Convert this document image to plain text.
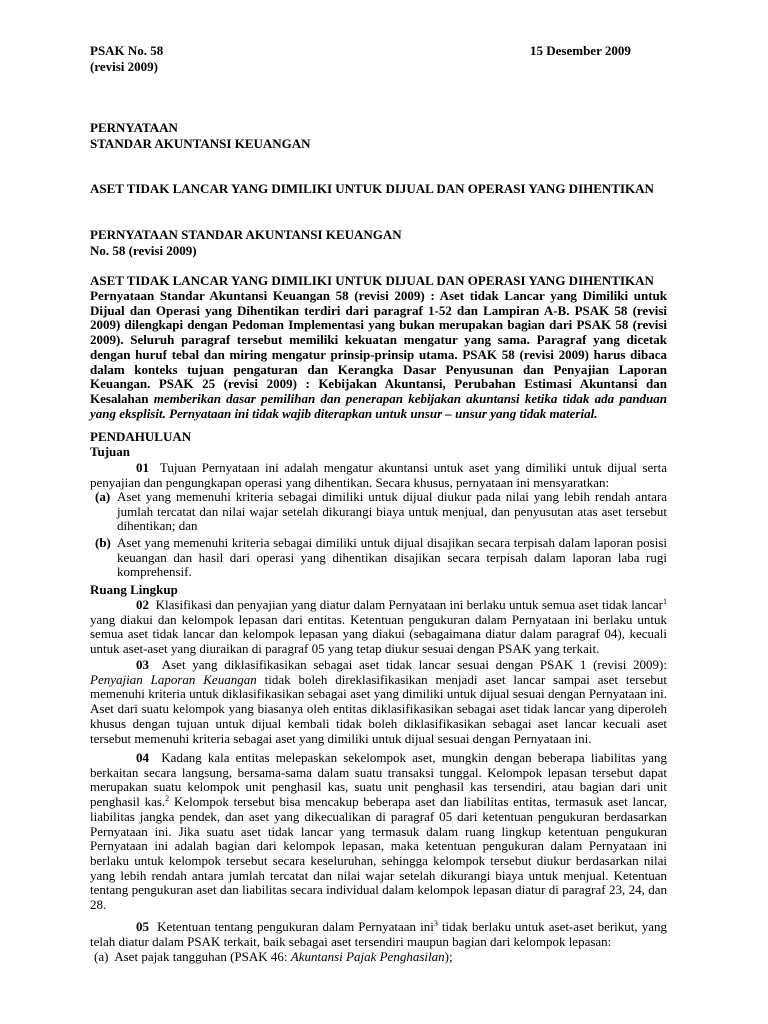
PSAK No. 58
(revisi 2009)
15 Desember 2009
PERNYATAAN
STANDAR AKUNTANSI KEUANGAN
ASET TIDAK LANCAR YANG DIMILIKI UNTUK DIJUAL DAN OPERASI YANG DIHENTIKAN
PERNYATAAN STANDAR AKUNTANSI KEUANGAN
No. 58 (revisi 2009)
ASET TIDAK LANCAR YANG DIMILIKI UNTUK DIJUAL DAN OPERASI YANG DIHENTIKAN
Pernyataan Standar Akuntansi Keuangan 58 (revisi 2009) : Aset tidak Lancar yang Dimiliki untuk Dijual dan Operasi yang Dihentikan terdiri dari paragraf 1-52 dan Lampiran A-B. PSAK 58 (revisi 2009) dilengkapi dengan Pedoman Implementasi yang bukan merupakan bagian dari PSAK 58 (revisi 2009). Seluruh paragraf tersebut memiliki kekuatan mengatur yang sama. Paragraf yang dicetak dengan huruf tebal dan miring mengatur prinsip-prinsip utama. PSAK 58 (revisi 2009) harus dibaca dalam konteks tujuan pengaturan dan Kerangka Dasar Penyusunan dan Penyajian Laporan Keuangan. PSAK 25 (revisi 2009) : Kebijakan Akuntansi, Perubahan Estimasi Akuntansi dan Kesalahan memberikan dasar pemilihan dan penerapan kebijakan akuntansi ketika tidak ada panduan yang eksplisit. Pernyataan ini tidak wajib diterapkan untuk unsur – unsur yang tidak material.
PENDAHULUAN
Tujuan
01 Tujuan Pernyataan ini adalah mengatur akuntansi untuk aset yang dimiliki untuk dijual serta penyajian dan pengungkapan operasi yang dihentikan. Secara khusus, pernyataan ini mensyaratkan:
(a) Aset yang memenuhi kriteria sebagai dimiliki untuk dijual diukur pada nilai yang lebih rendah antara jumlah tercatat dan nilai wajar setelah dikurangi biaya untuk menjual, dan penyusutan atas aset tersebut dihentikan; dan
(b) Aset yang memenuhi kriteria sebagai dimiliki untuk dijual disajikan secara terpisah dalam laporan posisi keuangan dan hasil dari operasi yang dihentikan disajikan secara terpisah dalam laporan laba rugi komprehensif.
Ruang Lingkup
02 Klasifikasi dan penyajian yang diatur dalam Pernyataan ini berlaku untuk semua aset tidak lancar$^1$ yang diakui dan kelompok lepasan dari entitas. Ketentuan pengukuran dalam Pernyataan ini berlaku untuk semua aset tidak lancar dan kelompok lepasan yang diakui (sebagaimana diatur dalam paragraf 04), kecuali untuk aset-aset yang diuraikan di paragraf 05 yang tetap diukur sesuai dengan PSAK yang terkait.
03 Aset yang diklasifikasikan sebagai aset tidak lancar sesuai dengan PSAK 1 (revisi 2009): Penyajian Laporan Keuangan tidak boleh direklasifikasikan menjadi aset lancar sampai aset tersebut memenuhi kriteria untuk diklasifikasikan sebagai aset yang dimiliki untuk dijual sesuai dengan Pernyataan ini. Aset dari suatu kelompok yang biasanya oleh entitas diklasifikasikan sebagai aset tidak lancar yang diperoleh khusus dengan tujuan untuk dijual kembali tidak boleh diklasifikasikan sebagai aset lancar kecuali aset tersebut memenuhi kriteria sebagai aset yang dimiliki untuk dijual sesuai dengan Pernyataan ini.
04 Kadang kala entitas melepaskan sekelompok aset, mungkin dengan beberapa liabilitas yang berkaitan secara langsung, bersama-sama dalam suatu transaksi tunggal. Kelompok lepasan tersebut dapat merupakan suatu kelompok unit penghasil kas, suatu unit penghasil kas tersendiri, atau bagian dari unit penghasil kas.$^2$ Kelompok tersebut bisa mencakup beberapa aset dan liabilitas entitas, termasuk aset lancar, liabilitas jangka pendek, dan aset yang dikecualikan di paragraf 05 dari ketentuan pengukuran berdasarkan Pernyataan ini. Jika suatu aset tidak lancar yang termasuk dalam ruang lingkup ketentuan pengukuran Pernyataan ini adalah bagian dari kelompok lepasan, maka ketentuan pengukuran dalam Pernyataan ini berlaku untuk kelompok tersebut secara keseluruhan, sehingga kelompok tersebut diukur berdasarkan nilai yang lebih rendah antara jumlah tercatat dan nilai wajar setelah dikurangi biaya untuk menjual. Ketentuan tentang pengukuran aset dan liabilitas secara individual dalam kelompok lepasan diatur di paragraf 23, 24, dan 28.
05 Ketentuan tentang pengukuran dalam Pernyataan ini$^3$ tidak berlaku untuk aset-aset berikut, yang telah diatur dalam PSAK terkait, baik sebagai aset tersendiri maupun bagian dari kelompok lepasan:
(a) Aset pajak tangguhan (PSAK 46: Akuntansi Pajak Penghasilan);
